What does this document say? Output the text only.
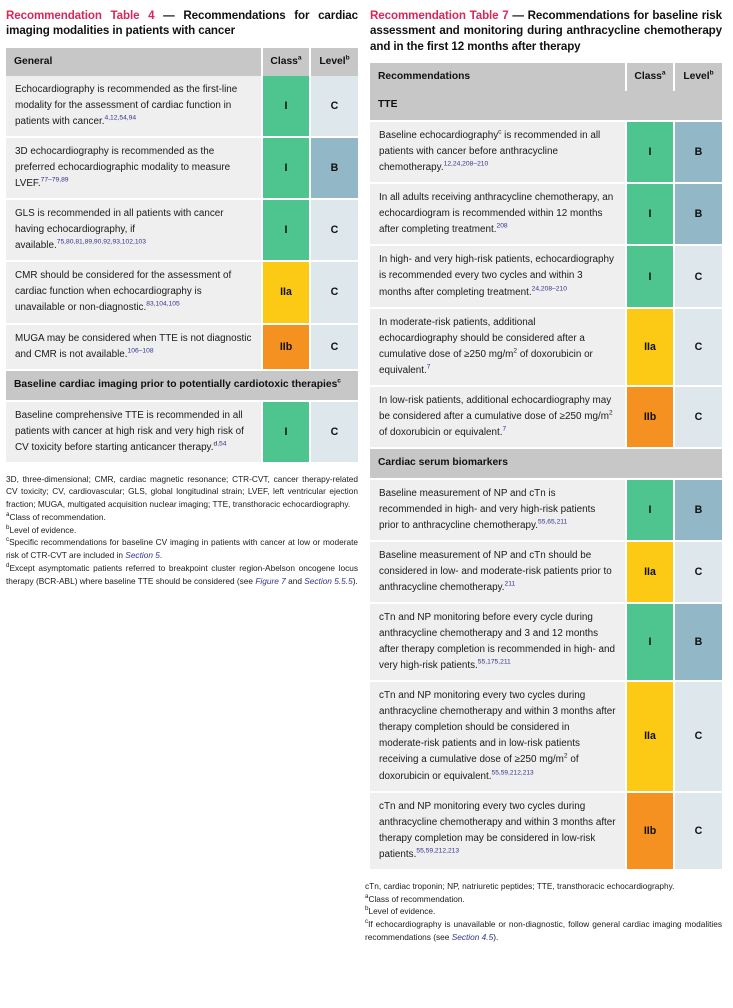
Recommendation Table 4 — Recommendations for cardiac imaging modalities in patients with cancer

General	Class$^a$	Level$^b$
Echocardiography is recommended as the first-line modality for the assessment of cardiac function in patients with cancer.$^{4,12,54,94}$	I	C
3D echocardiography is recommended as the preferred echocardiographic modality to measure LVEF.$^{77-79,89}$	I	B
GLS is recommended in all patients with cancer having echocardiography, if available.$^{75,80,81,89,90,92,93,102,103}$	I	C
CMR should be considered for the assessment of cardiac function when echocardiography is unavailable or non-diagnostic.$^{83,104,105}$	IIa	C
MUGA may be considered when TTE is not diagnostic and CMR is not available.$^{106-108}$	IIb	C
Baseline cardiac imaging prior to potentially cardiotoxic therapies$^c$
Baseline comprehensive TTE is recommended in all patients with cancer at high risk and very high risk of CV toxicity before starting anticancer therapy.$^{d,54}$	I	C

3D, three-dimensional; CMR, cardiac magnetic resonance; CTR-CVT, cancer therapy-related CV toxicity; CV, cardiovascular; GLS, global longitudinal strain; LVEF, left ventricular ejection fraction; MUGA, multigated acquisition nuclear imaging; TTE, transthoracic echocardiography.

$^a$Class of recommendation.

$^b$Level of evidence.

$^c$Specific recommendations for baseline CV imaging in patients with cancer at low or moderate risk of CTR-CVT are included in Section 5.

$^d$Except asymptomatic patients referred to breakpoint cluster region-Abelson oncogene locus therapy (BCR-ABL) where baseline TTE should be considered (see Figure 7 and Section 5.5.5).

Recommendation Table 7 — Recommendations for baseline risk assessment and monitoring during anthracycline chemotherapy and in the first 12 months after therapy

Recommendations	Class$^a$	Level$^b$
TTE		
Baseline echocardiography$^c$ is recommended in all patients with cancer before anthracycline chemotherapy.$^{12,24,208-210}$	I	B
In all adults receiving anthracycline chemotherapy, an echocardiogram is recommended within 12 months after completing treatment.$^{208}$	I	B
In high- and very high-risk patients, echocardiography is recommended every two cycles and within 3 months after completing treatment.$^{24,208-210}$	I	C
In moderate-risk patients, additional echocardiography should be considered after a cumulative dose of ≥250 $mg/m^2$ of doxorubicin or equivalent.$^7$	IIa	C
In low-risk patients, additional echocardiography may be considered after a cumulative dose of ≥250 $mg/m^2$ of doxorubicin or equivalent.$^7$	IIb	C
Cardiac serum biomarkers		
Baseline measurement of NP and cTn is recommended in high- and very high-risk patients prior to anthracycline chemotherapy.$^{55,65,211}$	I	B
Baseline measurement of NP and cTn should be considered in low- and moderate-risk patients prior to anthracycline chemotherapy.$^{211}$	IIa	C
cTn and NP monitoring before every cycle during anthracycline chemotherapy and 3 and 12 months after therapy completion is recommended in high- and very high-risk patients.$^{55,175,211}$	I	B
cTn and NP monitoring every two cycles during anthracycline chemotherapy and within 3 months after therapy completion should be considered in moderate-risk patients and in low-risk patients receiving a cumulative dose of ≥250 $mg/m^2$ of doxorubicin or equivalent.$^{55,59,212,213}$	IIa	C
cTn and NP monitoring every two cycles during anthracycline chemotherapy and within 3 months after therapy completion may be considered in low-risk patients.$^{55,59,212,213}$	IIb	C

cTn, cardiac troponin; NP, natriuretic peptides; TTE, transthoracic echocardiography.

$^a$Class of recommendation.

$^b$Level of evidence.

$^c$If echocardiography is unavailable or non-diagnostic, follow general cardiac imaging modalities recommendations (see Section 4.5).
